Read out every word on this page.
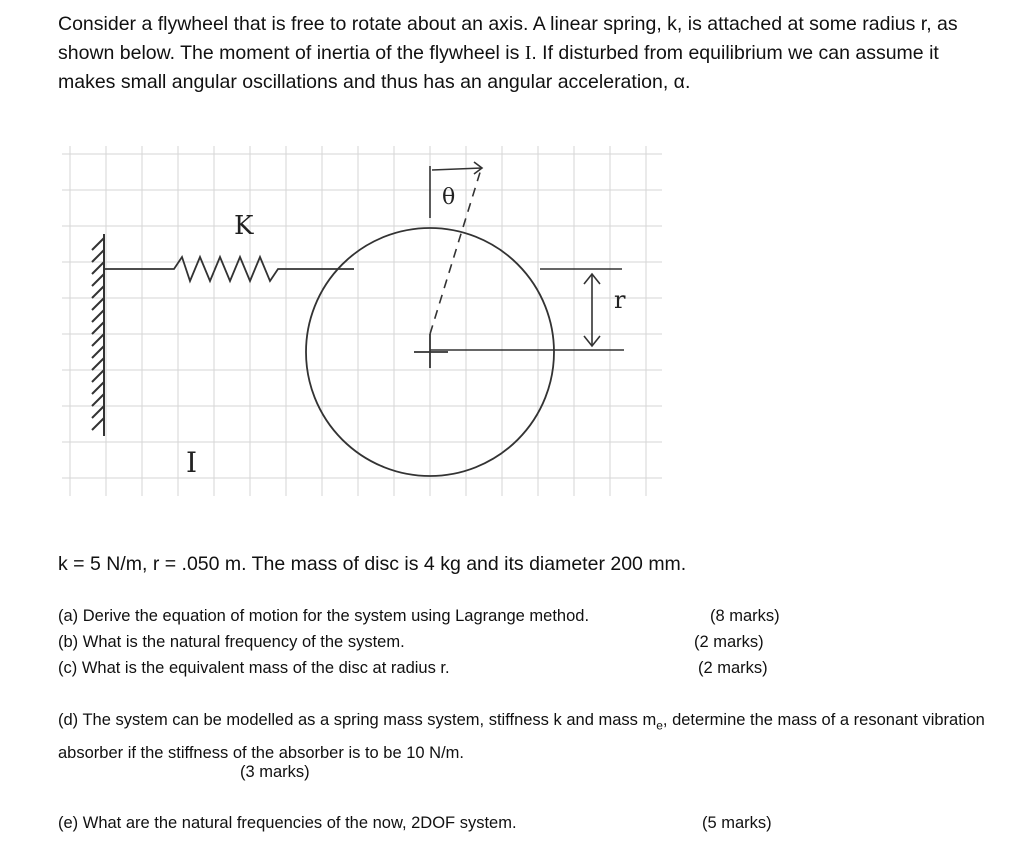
Consider a flywheel that is free to rotate about an axis. A linear spring, k, is attached at some radius r, as shown below. The moment of inertia of the flywheel is I. If disturbed from equilibrium we can assume it makes small angular oscillations and thus has an angular acceleration, α.

K
r
θ
I

k = 5 N/m, r = .050 m. The mass of disc is 4 kg and its diameter 200 mm.

(a) Derive the equation of motion for the system using Lagrange method.	(8 marks)

(b) What is the natural frequency of the system.	(2 marks)

(c) What is the equivalent mass of the disc at radius r.	(2 marks)

(d) The system can be modelled as a spring mass system, stiffness k and mass $m_e$, determine the mass of a resonant vibration absorber if the stiffness of the absorber is to be 10 N/m.

(3 marks)

(e) What are the natural frequencies of the now, 2DOF system.	(5 marks)
